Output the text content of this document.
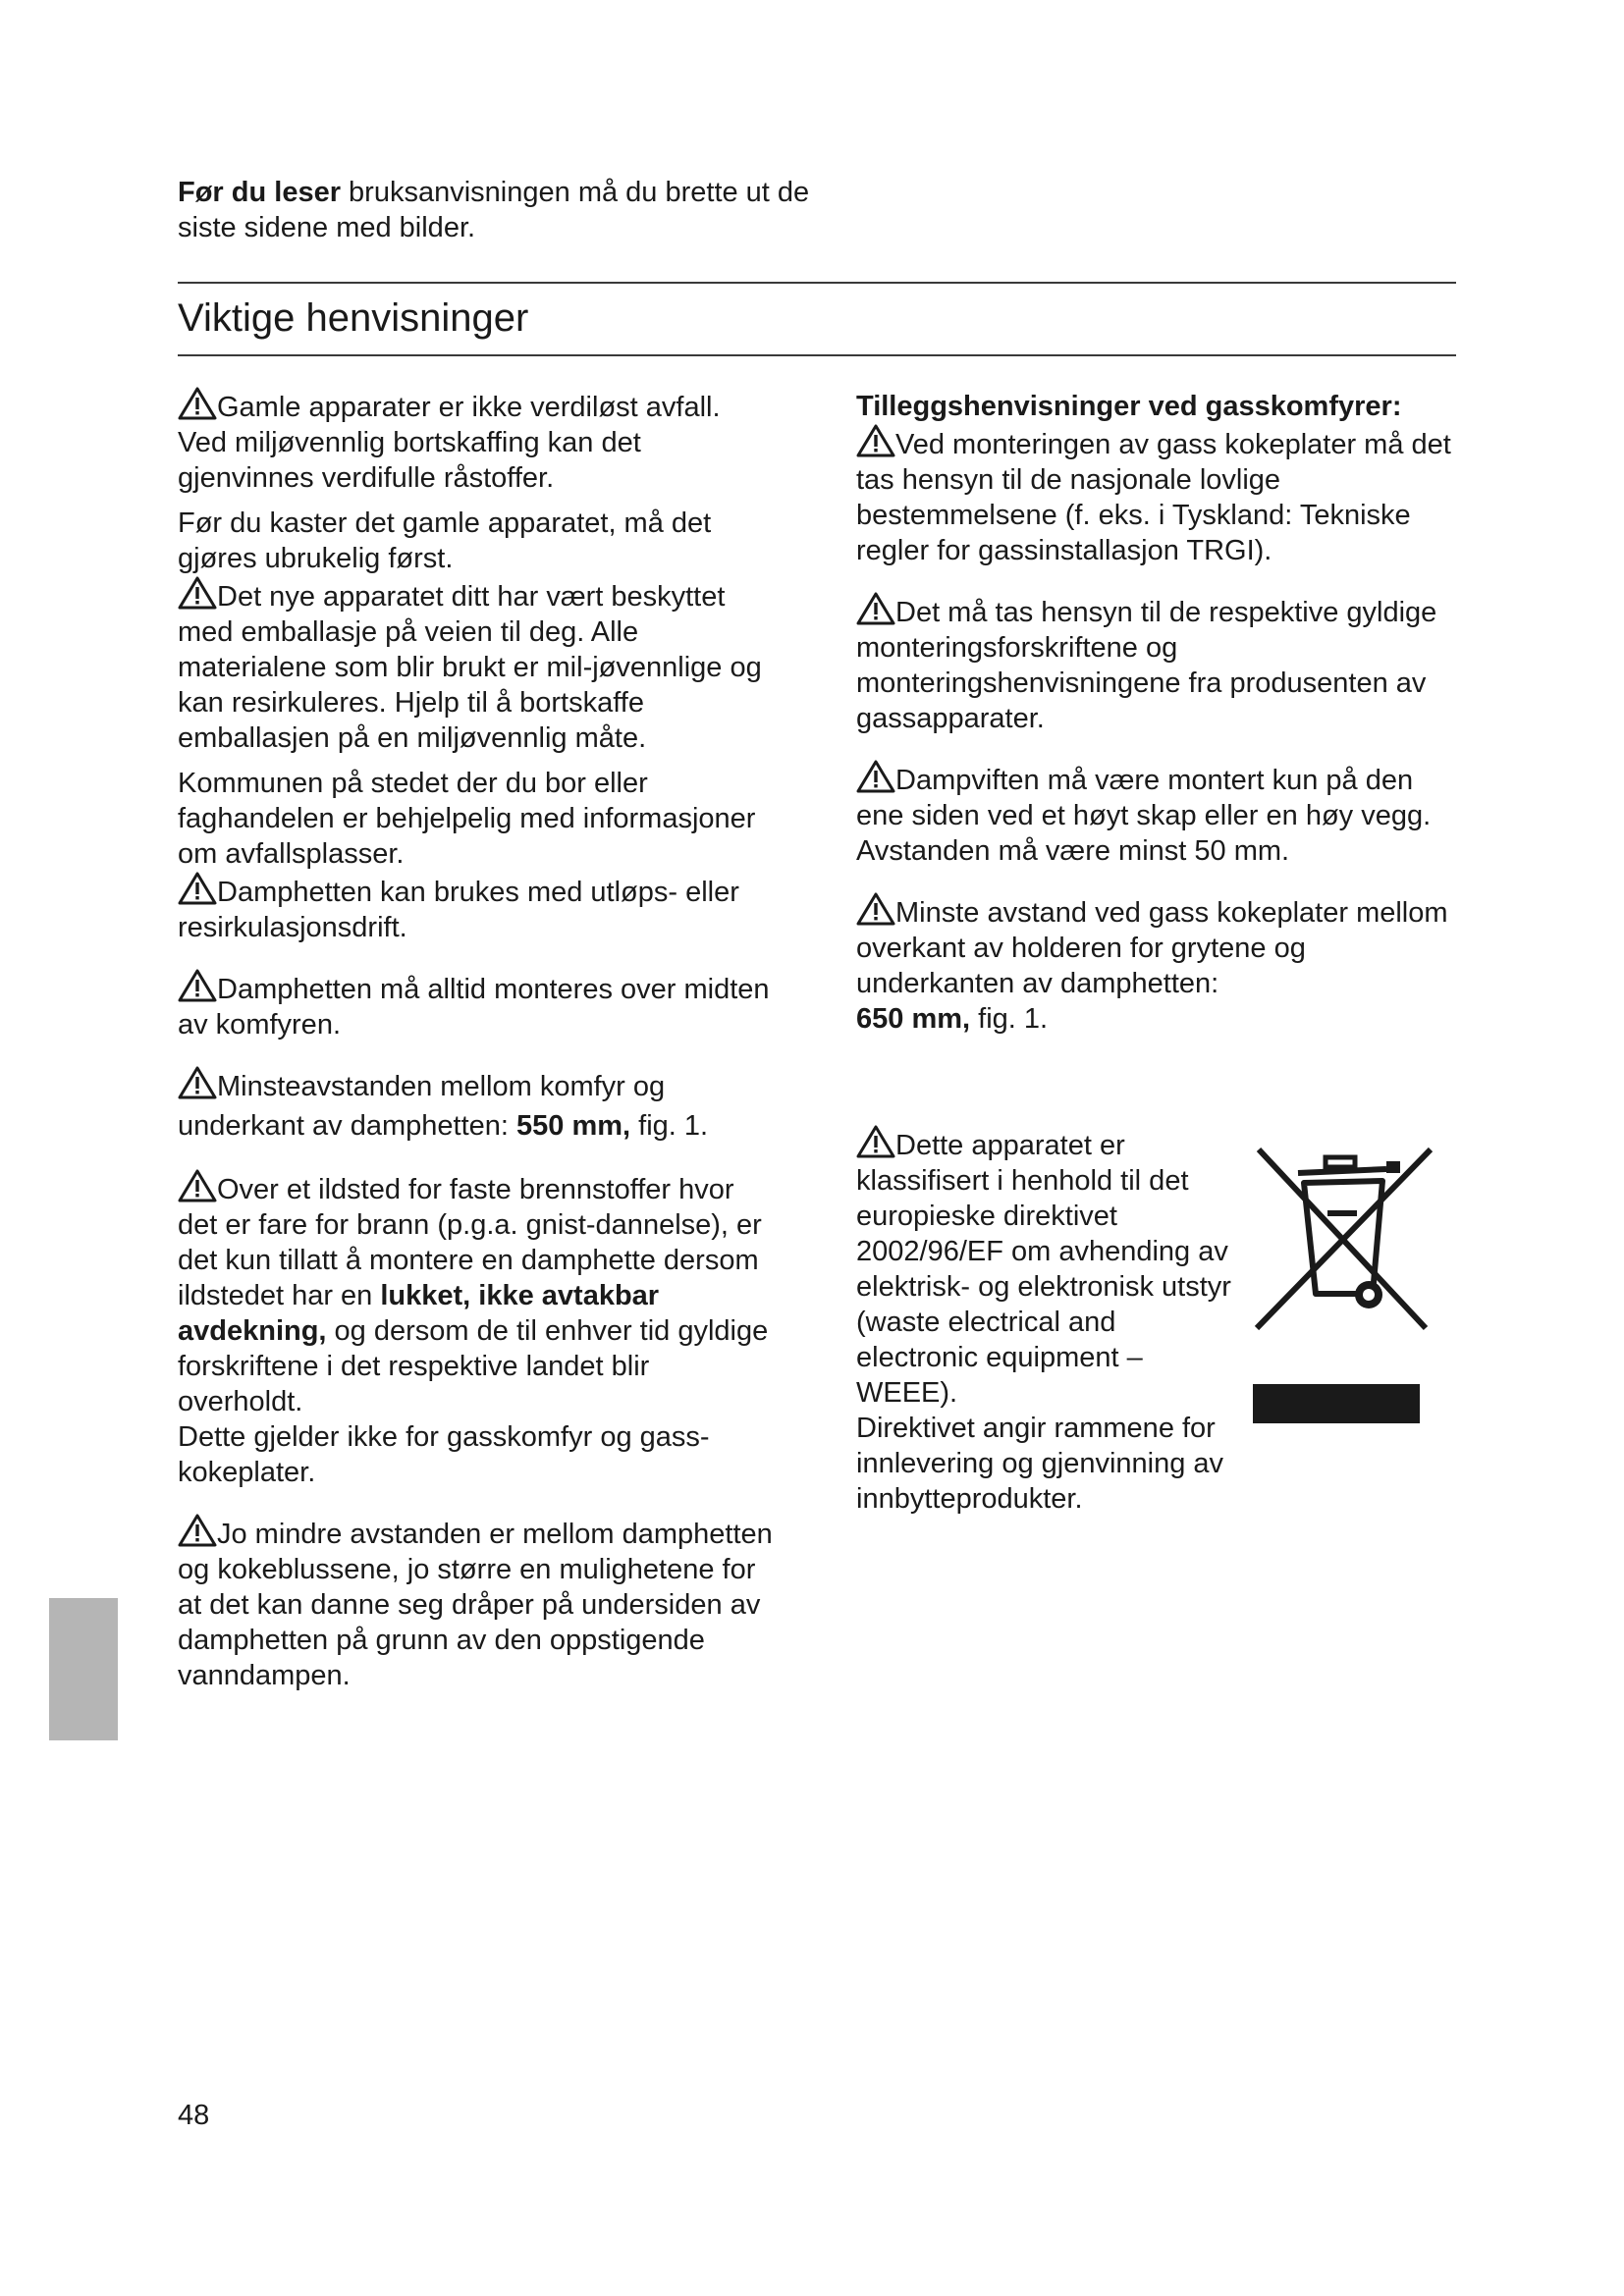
Før du leser bruksanvisningen må du brette ut de siste sidene med bilder.
Viktige henvisninger
Gamle apparater er ikke verdiløst avfall. Ved miljøvennlig bortskaffing kan det gjenvinnes verdifulle råstoffer.

Før du kaster det gamle apparatet, må det gjøres ubrukelig først.

Det nye apparatet ditt har vært beskyttet med emballasje på veien til deg. Alle materialene som blir brukt er mil-jøvennlige og kan resirkuleres. Hjelp til å bortskaffe emballasjen på en miljøvennlig måte.

Kommunen på stedet der du bor eller faghandelen er behjelpelig med informasjoner om avfallsplasser.

Damphetten kan brukes med utløps- eller resirkulasjonsdrift.
Damphetten må alltid monteres over midten av komfyren.
Minsteavstanden mellom komfyr og underkant av damphetten: 550 mm, fig. 1.
Over et ildsted for faste brennstoffer hvor det er fare for brann (p.g.a. gnist-dannelse), er det kun tillatt å montere en damphette dersom ildstedet har en lukket, ikke avtakbar avdekning, og dersom de til enhver tid gyldige forskriftene i det respektive landet blir overholdt.
Dette gjelder ikke for gasskomfyr og gass-kokeplater.
Jo mindre avstanden er mellom damphetten og kokeblussene, jo større en mulighetene for at det kan danne seg dråper på undersiden av damphetten på grunn av den oppstigende vanndampen.

Tilleggshenvisninger ved gasskomfyrer:

Ved monteringen av gass kokeplater må det tas hensyn til de nasjonale lovlige bestemmelsene (f. eks. i Tyskland: Tekniske regler for gassinstallasjon TRGI).
Det må tas hensyn til de respektive gyldige monteringsforskriftene og monteringshenvisningene fra produsenten av gassapparater.
Dampviften må være montert kun på den ene siden ved et høyt skap eller en høy vegg. Avstanden må være minst 50 mm.
Minste avstand ved gass kokeplater mellom overkant av holderen for grytene og underkanten av damphetten:
650 mm, fig. 1.

Dette apparatet er klassifisert i henhold til det europieske direktivet 2002/96/EF om avhending av elektrisk- og elektronisk utstyr (waste electrical and electronic equipment – WEEE).

Direktivet angir rammene for innlevering og gjenvinning av innbytteprodukter.

48
